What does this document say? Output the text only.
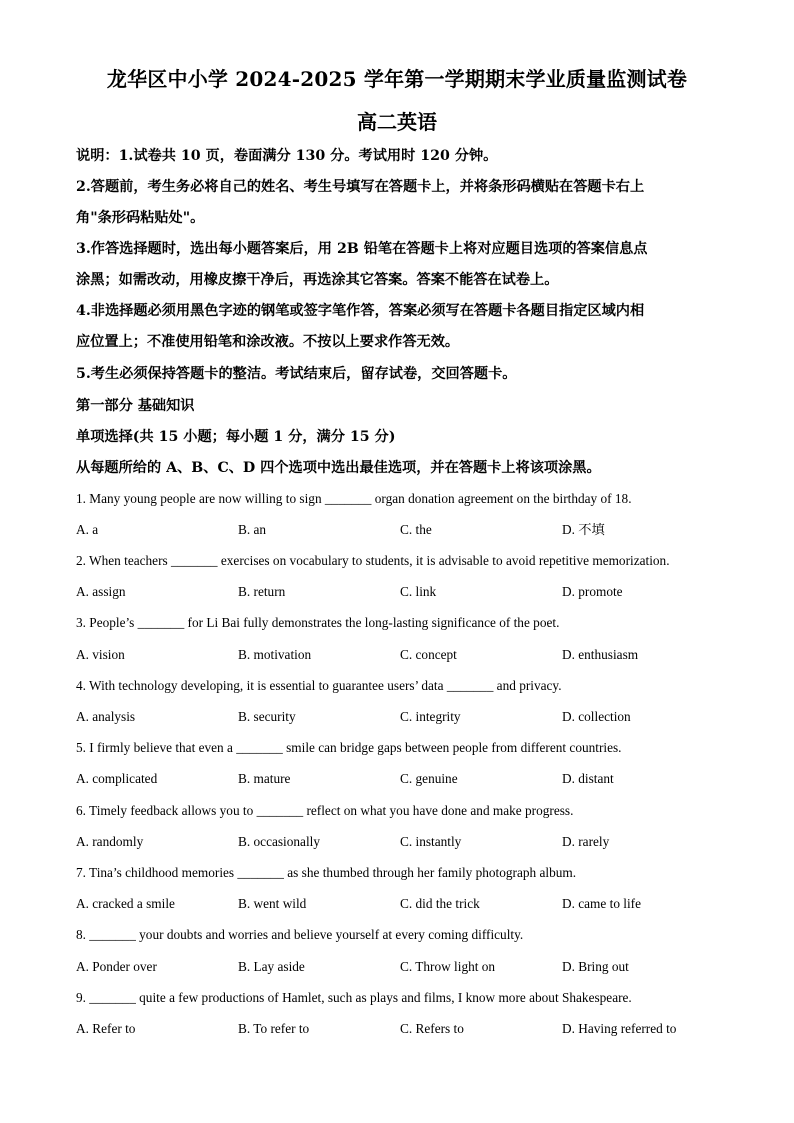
龙华区中小学 2024-2025 学年第一学期期末学业质量监测试卷
高二英语
说明：1.试卷共 10 页，卷面满分 130 分。考试用时 120 分钟。
2.答题前，考生务必将自己的姓名、考生号填写在答题卡上，并将条形码横贴在答题卡右上
角"条形码粘贴处"。
3.作答选择题时，选出每小题答案后，用 2B 铅笔在答题卡上将对应题目选项的答案信息点
涂黑；如需改动，用橡皮擦干净后，再选涂其它答案。答案不能答在试卷上。
4.非选择题必须用黑色字迹的钢笔或签字笔作答，答案必须写在答题卡各题目指定区域内相
应位置上；不准使用铅笔和涂改液。不按以上要求作答无效。
5.考生必须保持答题卡的整洁。考试结束后，留存试卷，交回答题卡。
第一部分 基础知识
单项选择(共 15 小题；每小题 1 分，满分 15 分)
从每题所给的 A、B、C、D 四个选项中选出最佳选项，并在答题卡上将该项涂黑。
1. Many young people are now willing to sign _______ organ donation agreement on the birthday of 18.
A. a	B. an	C. the	D. 不填
2. When teachers _______ exercises on vocabulary to students, it is advisable to avoid repetitive memorization.
A. assign	B. return	C. link	D. promote
3. People’s _______ for Li Bai fully demonstrates the long-lasting significance of the poet.
A. vision	B. motivation	C. concept	D. enthusiasm
4. With technology developing, it is essential to guarantee users’ data _______ and privacy.
A. analysis	B. security	C. integrity	D. collection
5. I firmly believe that even a _______ smile can bridge gaps between people from different countries.
A. complicated	B. mature	C. genuine	D. distant
6. Timely feedback allows you to _______ reflect on what you have done and make progress.
A. randomly	B. occasionally	C. instantly	D. rarely
7. Tina’s childhood memories _______ as she thumbed through her family photograph album.
A. cracked a smile	B. went wild	C. did the trick	D. came to life
8. _______ your doubts and worries and believe yourself at every coming difficulty.
A. Ponder over	B. Lay aside	C. Throw light on	D. Bring out
9. _______ quite a few productions of Hamlet, such as plays and films, I know more about Shakespeare.
A. Refer to	B. To refer to	C. Refers to	D. Having referred to
